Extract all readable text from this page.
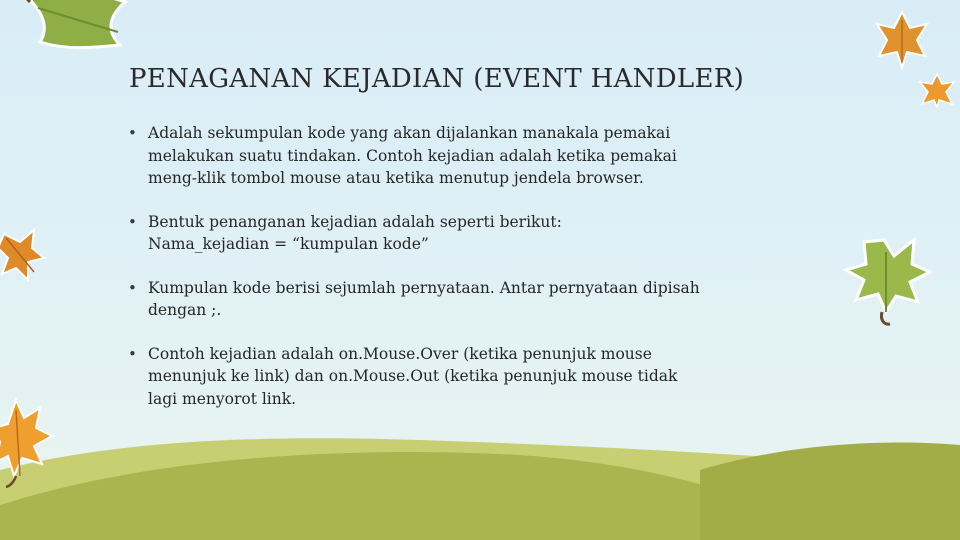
PENAGANAN KEJADIAN (EVENT HANDLER)
• Adalah sekumpulan kode yang akan dijalankan manakala pemakai
melakukan suatu tindakan. Contoh kejadian adalah ketika pemakai
meng-klik tombol mouse atau ketika menutup jendela browser.
• Bentuk penanganan kejadian adalah seperti berikut:
Nama_kejadian = “kumpulan kode”
• Kumpulan kode berisi sejumlah pernyataan. Antar pernyataan dipisah
dengan ;.
• Contoh kejadian adalah on.Mouse.Over (ketika penunjuk mouse
menunjuk ke link) dan on.Mouse.Out (ketika penunjuk mouse tidak
lagi menyorot link.
